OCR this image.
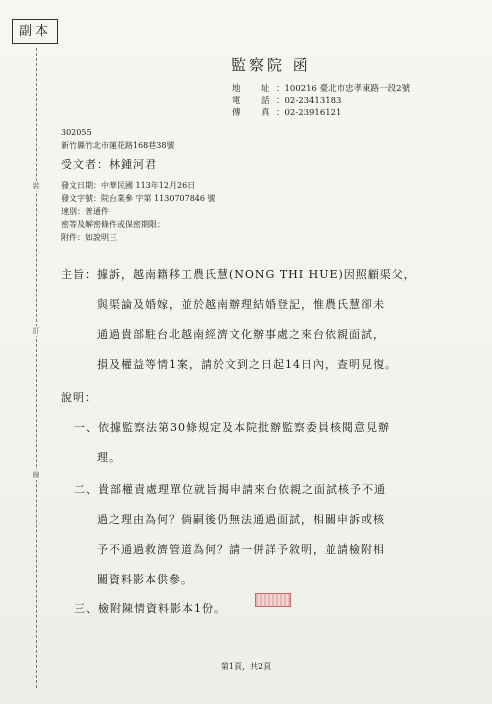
副本
裝
訂
線
監察院 函
地　址：100216 臺北市忠孝東路一段2號
電　話：02-23413183
傳　真：02-23916121
302055
新竹縣竹北市蓮花路168巷38號
受文者：林鍾河君
發文日期：中華民國 113年12月26日
發文字號：院台業參 字第 1130707846 號
速別：普通件
密等及解密條件或保密期限：
附件：如說明三
主旨：據訴，越南籍移工農氏慧(NONG THI HUE)因照顧渠父，
與渠論及婚嫁，並於越南辦理結婚登記，惟農氏慧卻未
通過貴部駐台北越南經濟文化辦事處之來台依親面試，
損及權益等情1案，請於文到之日起14日內，查明見復。
說明：
一、依據監察法第30條規定及本院批辦監察委員核閱意見辦
理。
二、貴部權責處理單位就旨揭申請來台依親之面試核予不通
過之理由為何？倘嗣後仍無法通過面試，相關申訴或核
予不通過救濟管道為何？請一併詳予敘明，並請檢附相
關資料影本供參。
三、檢附陳情資料影本1份。
第1頁，共2頁
